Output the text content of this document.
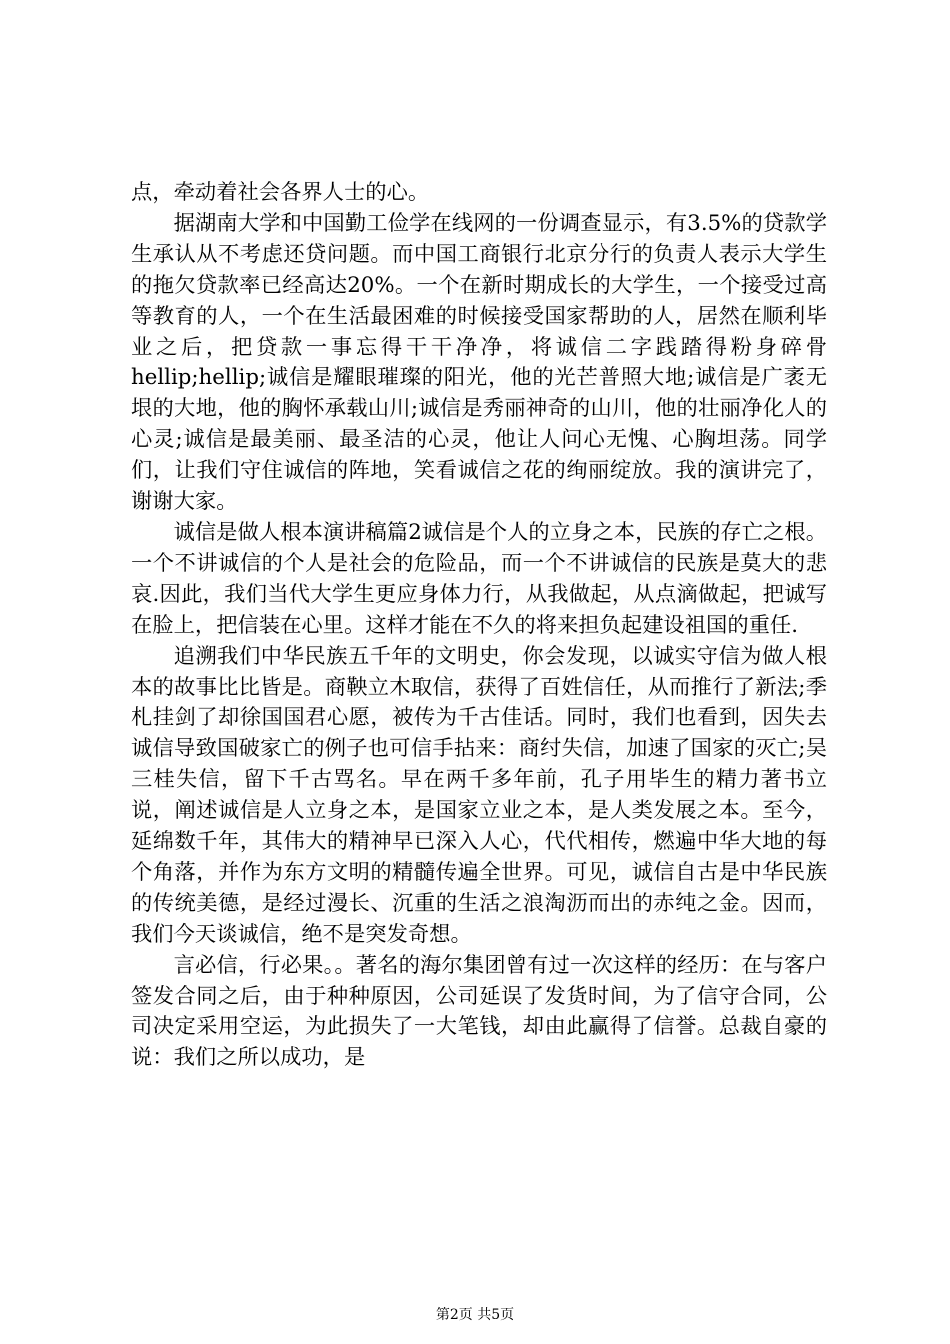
点，牵动着社会各界人士的心。

据湖南大学和中国勤工俭学在线网的一份调查显示，有3.5%的贷款学生承认从不考虑还贷问题。而中国工商银行北京分行的负责人表示大学生的拖欠贷款率已经高达20%。一个在新时期成长的大学生，一个接受过高等教育的人，一个在生活最困难的时候接受国家帮助的人，居然在顺利毕业之后，把贷款一事忘得干干净净，将诚信二字践踏得粉身碎骨hellip;hellip;诚信是耀眼璀璨的阳光，他的光芒普照大地;诚信是广袤无垠的大地，他的胸怀承载山川;诚信是秀丽神奇的山川，他的壮丽净化人的心灵;诚信是最美丽、最圣洁的心灵，他让人问心无愧、心胸坦荡。同学们，让我们守住诚信的阵地，笑看诚信之花的绚丽绽放。我的演讲完了，谢谢大家。

诚信是做人根本演讲稿篇2诚信是个人的立身之本，民族的存亡之根。一个不讲诚信的个人是社会的危险品，而一个不讲诚信的民族是莫大的悲哀.因此，我们当代大学生更应身体力行，从我做起，从点滴做起，把诚写在脸上，把信装在心里。这样才能在不久的将来担负起建设祖国的重任.

追溯我们中华民族五千年的文明史，你会发现，以诚实守信为做人根本的故事比比皆是。商鞅立木取信，获得了百姓信任，从而推行了新法;季札挂剑了却徐国国君心愿，被传为千古佳话。同时，我们也看到，因失去诚信导致国破家亡的例子也可信手拈来：商纣失信，加速了国家的灭亡;吴三桂失信，留下千古骂名。早在两千多年前，孔子用毕生的精力著书立说，阐述诚信是人立身之本，是国家立业之本，是人类发展之本。至今，延绵数千年，其伟大的精神早已深入人心，代代相传，燃遍中华大地的每个角落，并作为东方文明的精髓传遍全世界。可见，诚信自古是中华民族的传统美德，是经过漫长、沉重的生活之浪淘沥而出的赤纯之金。因而，我们今天谈诚信，绝不是突发奇想。

言必信，行必果。。著名的海尔集团曾有过一次这样的经历：在与客户签发合同之后，由于种种原因，公司延误了发货时间，为了信守合同，公司决定采用空运，为此损失了一大笔钱，却由此赢得了信誉。总裁自豪的说：我们之所以成功，是

第2页 共5页
